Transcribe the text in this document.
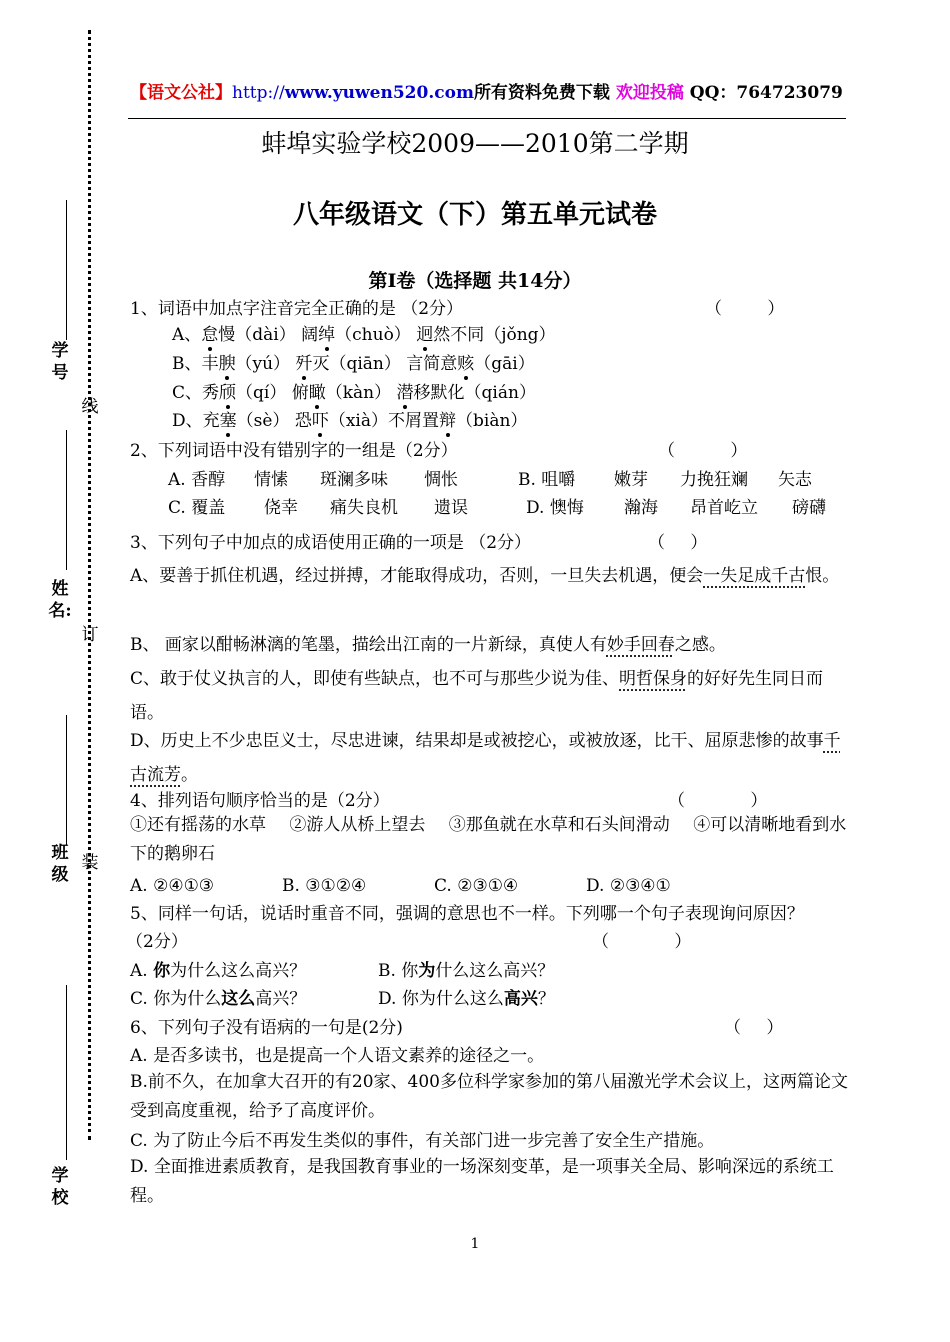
学号
线
姓名:
订
班级
装
学校
【语文公社】http://www.yuwen520.com所有资料免费下载 欢迎投稿 QQ：764723079
蚌埠实验学校2009——2010第二学期
八年级语文（下）第五单元试卷
第I卷（选择题 共14分）
1、词语中加点字注音完全正确的是 （2分）	（ ）
A、怠慢（dài） 阔绰（chuò） 迥然不同（jǒng）
B、丰腴（yú） 歼灭（qiān） 言简意赅（gāi）
C、秀颀（qí） 俯瞰（kàn） 潜移默化（qián）
D、充塞（sè） 恐吓（xià）不屑置辩（biàn）
2、下列词语中没有错别字的一组是（2分）	（ ）
A. 香醇 情愫 斑澜多味 惆怅	B. 咀嚼 嫩芽 力挽狂斓 矢志
C. 覆盖 侥幸 痛失良机 遗误	D. 懊悔 瀚海 昂首屹立 磅礴
3、下列句子中加点的成语使用正确的一项是 （2分）	（ ）
A、要善于抓住机遇，经过拼搏，才能取得成功，否则，一旦失去机遇，便会一失足成千古恨。
B、 画家以酣畅淋漓的笔墨，描绘出江南的一片新绿，真使人有妙手回春之感。
C、敢于仗义执言的人，即使有些缺点，也不可与那些少说为佳、明哲保身的好好先生同日而语。
D、历史上不少忠臣义士，尽忠进谏，结果却是或被挖心，或被放逐，比干、屈原悲惨的故事千古流芳。
4、排列语句顺序恰当的是（2分）	（ ）
①还有摇荡的水草 ②游人从桥上望去 ③那鱼就在水草和石头间滑动 ④可以清晰地看到水下的鹅卵石
A. ②④①③	B. ③①②④	C. ②③①④	D. ②③④①
5、同样一句话，说话时重音不同，强调的意思也不一样。下列哪一个句子表现询问原因？
（2分）	（ ）
A. 你为什么这么高兴？	B. 你为什么这么高兴？
C. 你为什么这么高兴？	D. 你为什么这么高兴？
6、下列句子没有语病的一句是(2分)	（ ）
A. 是否多读书，也是提高一个人语文素养的途径之一。
B.前不久，在加拿大召开的有20家、400多位科学家参加的第八届激光学术会议上，这两篇论文受到高度重视，给予了高度评价。
C. 为了防止今后不再发生类似的事件，有关部门进一步完善了安全生产措施。
D. 全面推进素质教育，是我国教育事业的一场深刻变革，是一项事关全局、影响深远的系统工程。
1
